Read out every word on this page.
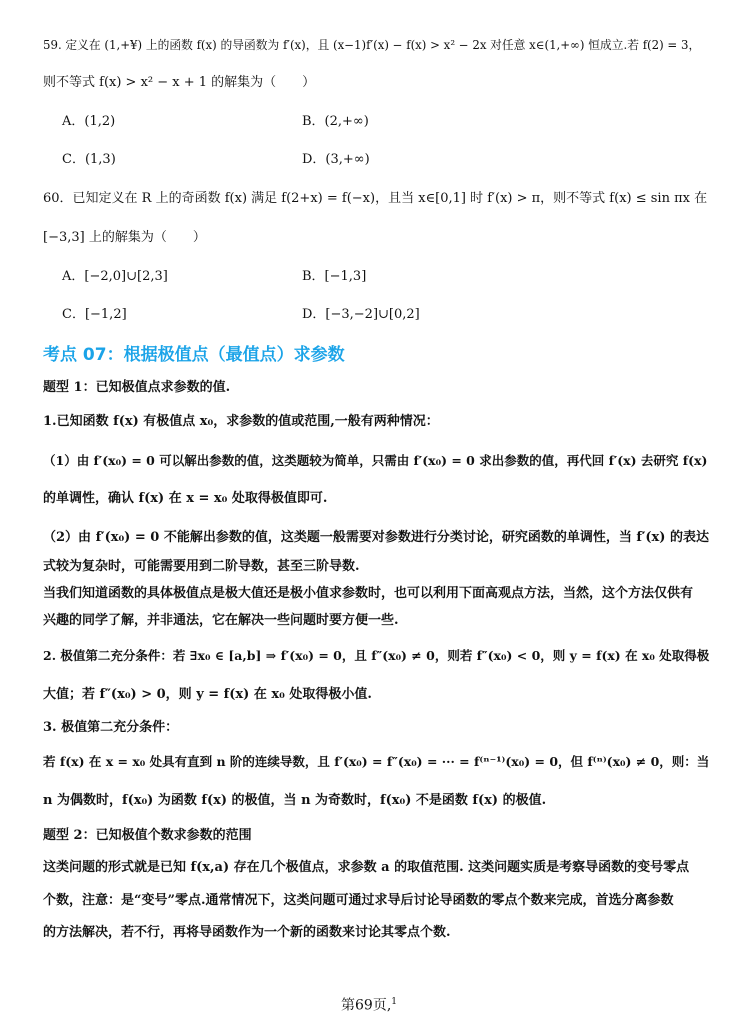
59. 定义在 (1,+¥) 上的函数 f(x) 的导函数为 f′(x)，且 (x−1)f′(x) − f(x) > x² − 2x 对任意 x∈(1,+∞) 恒成立.若 f(2) = 3，
则不等式 f(x) > x² − x + 1 的解集为（　　）
A．(1,2)	B．(2,+∞)
C．(1,3)	D．(3,+∞)
60．已知定义在 R 上的奇函数 f(x) 满足 f(2+x) = f(−x)，且当 x∈[0,1] 时 f′(x) > π，则不等式 f(x) ≤ sin πx 在
[−3,3] 上的解集为（　　）
A．[−2,0]∪[2,3]	B．[−1,3]
C．[−1,2]	D．[−3,−2]∪[0,2]
考点 07：根据极值点（最值点）求参数
题型 1：已知极值点求参数的值.
1.已知函数 f(x) 有极值点 x₀，求参数的值或范围,一般有两种情况：
（1）由 f′(x₀) = 0 可以解出参数的值，这类题较为简单，只需由 f′(x₀) = 0 求出参数的值，再代回 f′(x) 去研究 f(x)
的单调性，确认 f(x) 在 x = x₀ 处取得极值即可.
（2）由 f′(x₀) = 0 不能解出参数的值，这类题一般需要对参数进行分类讨论，研究函数的单调性，当 f′(x) 的表达
式较为复杂时，可能需要用到二阶导数，甚至三阶导数.
当我们知道函数的具体极值点是极大值还是极小值求参数时，也可以利用下面高观点方法，当然，这个方法仅供有
兴趣的同学了解，并非通法，它在解决一些问题时要方便一些.
2. 极值第二充分条件：若 ∃x₀ ∈ [a,b] ⇒ f′(x₀) = 0，且 f″(x₀) ≠ 0，则若 f″(x₀) < 0，则 y = f(x) 在 x₀ 处取得极
大值；若 f″(x₀) > 0，则 y = f(x) 在 x₀ 处取得极小值.
3. 极值第二充分条件：
若 f(x) 在 x = x₀ 处具有直到 n 阶的连续导数，且 f′(x₀) = f″(x₀) = ··· = f⁽ⁿ⁻¹⁾(x₀) = 0，但 f⁽ⁿ⁾(x₀) ≠ 0，则：当
n 为偶数时，f(x₀) 为函数 f(x) 的极值，当 n 为奇数时，f(x₀) 不是函数 f(x) 的极值.
题型 2：已知极值个数求参数的范围
这类问题的形式就是已知 f(x,a) 存在几个极值点，求参数 a 的取值范围. 这类问题实质是考察导函数的变号零点
个数，注意：是“变号”零点.通常情况下，这类问题可通过求导后讨论导函数的零点个数来完成，首选分离参数
的方法解决，若不行，再将导函数作为一个新的函数来讨论其零点个数.
第69页,$^1$
